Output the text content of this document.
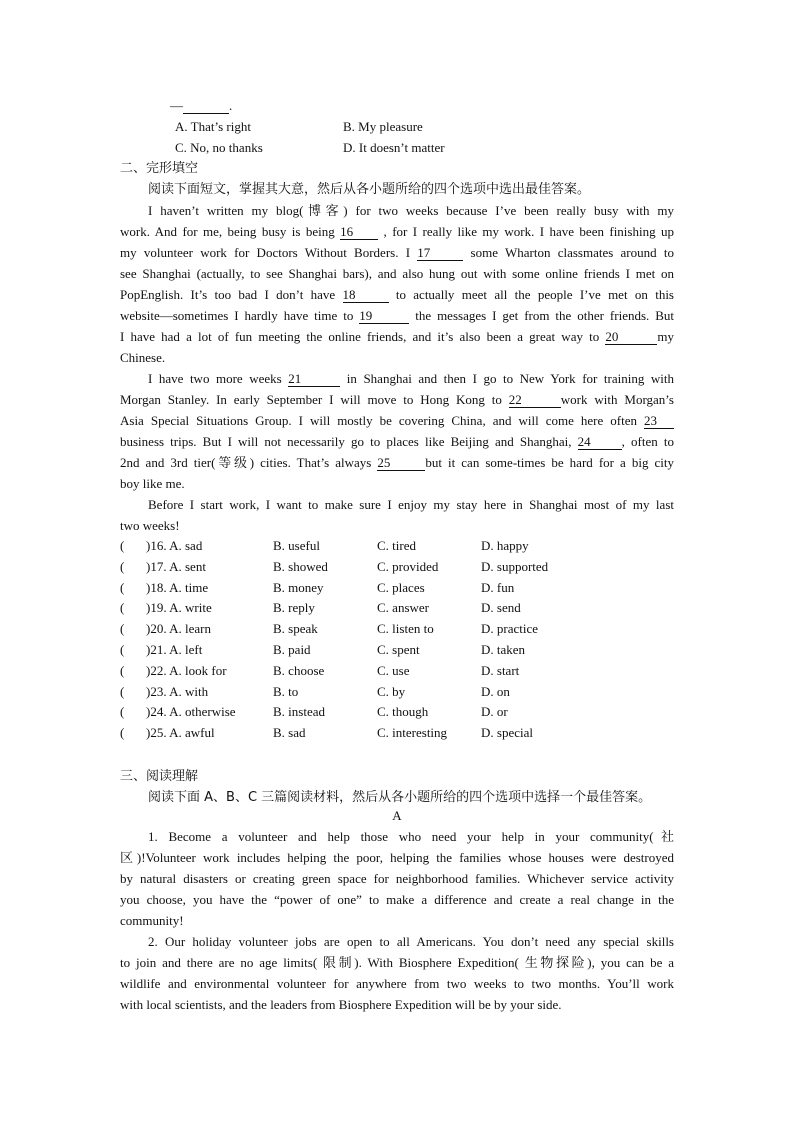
—	.
A. That’s right	B. My pleasure
C. No, no thanks	D. It doesn’t matter
二、完形填空
阅读下面短文，掌握其大意，然后从各小题所给的四个选项中选出最佳答案。
I haven’t written my blog(博客) for two weeks because I’ve been really busy with my
work. And for me, being busy is being 16 , for I really like my work. I have been finishing up
my volunteer work for Doctors Without Borders. I 17	some Wharton classmates around to
see Shanghai (actually, to see Shanghai bars), and also hung out with some online friends I met on
PopEnglish. It’s too bad I don’t have 18	to actually meet all the people I’ve met on this
website—sometimes I hardly have time to 19	the messages I get from the other friends. But
I have had a lot of fun meeting the online friends, and it’s also been a great way to 20	my
Chinese.
I have two more weeks 21	in Shanghai and then I go to New York for training with
Morgan Stanley. In early September I will move to Hong Kong to 22	work with Morgan’s
Asia Special Situations Group. I will mostly be covering China, and will come here often 23
business trips. But I will not necessarily go to places like Beijing and Shanghai, 24 , often to
2nd and 3rd tier(等级) cities. That’s always 25	but it can some-times be hard for a big city
boy like me.
Before I start work, I want to make sure I enjoy my stay here in Shanghai most of my last
two weeks!
( )16. A. sad	B. useful	C. tired	D. happy
( )17. A. sent	B. showed	C. provided	D. supported
( )18. A. time	B. money	C. places	D. fun
( )19. A. write	B. reply	C. answer	D. send
( )20. A. learn	B. speak	C. listen to	D. practice
( )21. A. left	B. paid	C. spent	D. taken
( )22. A. look for	B. choose	C. use	D. start
( )23. A. with	B. to	C. by	D. on
( )24. A. otherwise	B. instead	C. though	D. or
( )25. A. awful	B. sad	C. interesting	D. special
三、阅读理解
阅读下面 A、B、C 三篇阅读材料，然后从各小题所给的四个选项中选择一个最佳答案。
A
1. Become a volunteer and help those who need your help in your community(社
区)!Volunteer work includes helping the poor, helping the families whose houses were destroyed
by natural disasters or creating green space for neighborhood families. Whichever service activity
you choose, you have the “power of one” to make a difference and create a real change in the
community!
2. Our holiday volunteer jobs are open to all Americans. You don’t need any special skills
to join and there are no age limits( 限制). With Biosphere Expedition( 生物探险), you can be a
wildlife and environmental volunteer for anywhere from two weeks to two months. You’ll work
with local scientists, and the leaders from Biosphere Expedition will be by your side.
